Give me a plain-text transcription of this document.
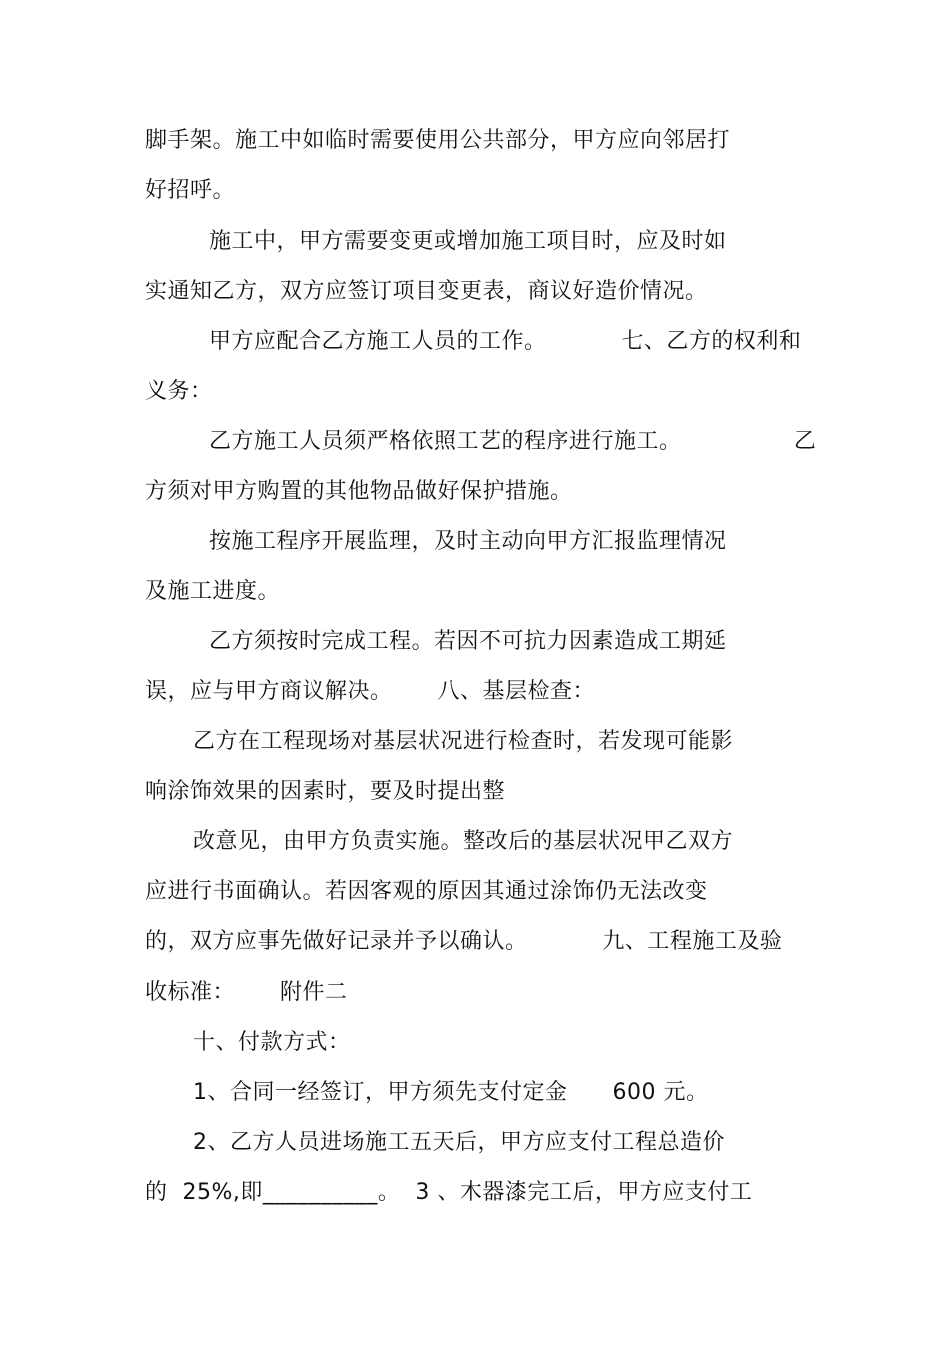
脚手架。施工中如临时需要使用公共部分，甲方应向邻居打
好招呼。
施工中，甲方需要变更或增加施工项目时，应及时如
实通知乙方，双方应签订项目变更表，商议好造价情况。
甲方应配合乙方施工人员的工作。          七、乙方的权利和
义务：
乙方施工人员须严格依照工艺的程序进行施工。               乙
方须对甲方购置的其他物品做好保护措施。
按施工程序开展监理，及时主动向甲方汇报监理情况
及施工进度。
乙方须按时完成工程。若因不可抗力因素造成工期延
误，应与甲方商议解决。      八、基层检查：
乙方在工程现场对基层状况进行检查时，若发现可能影
响涂饰效果的因素时，要及时提出整
改意见，由甲方负责实施。整改后的基层状况甲乙双方
应进行书面确认。若因客观的原因其通过涂饰仍无法改变
的，双方应事先做好记录并予以确认。          九、工程施工及验
收标准：      附件二
十、付款方式：
1、合同一经签订，甲方须先支付定金      600 元。
2、乙方人员进场施工五天后，甲方应支付工程总造价
的  25%,即__________。  3 、木器漆完工后，甲方应支付工
